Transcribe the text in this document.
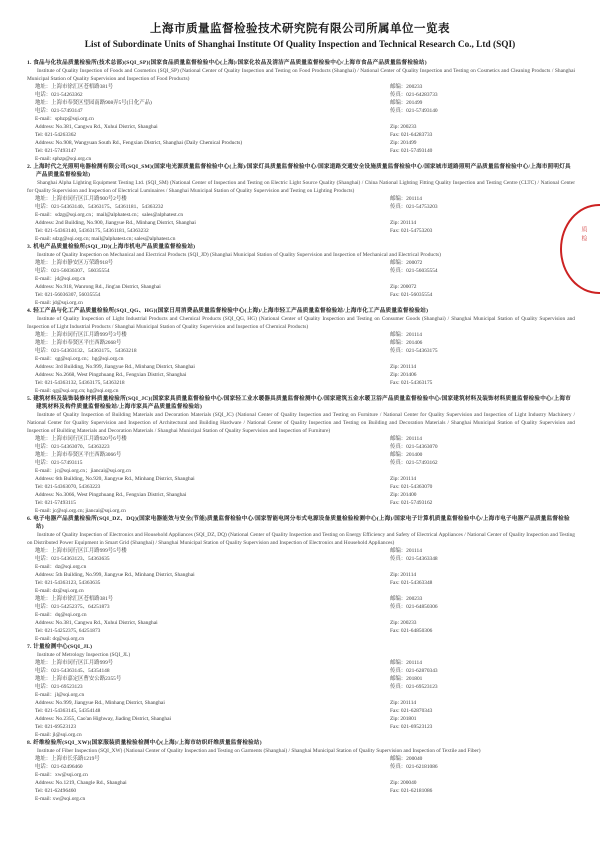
上海市质量监督检验技术研究院有限公司所属单位一览表
List of Subordinate Units of Shanghai Institute Of Quality Inspection and Technical Research Co., Ltd (SQI)
1. 食品与化妆品质量检验所(技术总部)(SQI_SP)(国家食品质量监督检验中心(上海)/国家化妆品及清洁产品质量监督检验中心/上海市食品产品质量监督检验站)
Institute of Quality Inspection of Foods and Cosmetics (SQI_SP) (National Center of Quality Inspection and Testing on Food Products (Shanghai) / National Center of Quality Inspection and Testing on Cosmetics and Cleaning Products / Shanghai Municipal Station of Quality Supervision and Inspection of Food Products)
地址：上海市徐汇区苍梧路381号	邮编：200233
电话：021-54263362	传真：021-64283733
地址：上海市奉贤区望园南路908弄5号(日化产品)	邮编：201499
电话：021-57493147	传真：021-57493140
E-mail：sphzp@sqi.org.cn
Address: No.381, Cangwu Rd., Xuhui District, Shanghai	Zip: 200233
Tel: 021-54263362	Fax: 021-64283733
Address: No.908, Wangyuan South Rd., Fengxian District, Shanghai (Daily Chemical Products)	Zip: 201499
Tel: 021-57493147	Fax: 021-57493140
E-mail: sphzp@sqi.org.cn
2. 上海时代之光照明电器检测有限公司(SQI_SM)(国家电光源质量监督检验中心(上海)/国家灯具质量监督检验中心/国家道路交通安全设施质量监督检验中心/国家城市道路照明产品质量监督检验中心/上海市照明灯具产品质量监督检验站)
Shanghai Alpha Lighting Equipment Testing Ltd. (SQI_SM) (National Center of Inspection and Testing on Electric Light Source Quality (Shanghai) / China National Lighting Fitting Quality Inspection and Testing Centre (CLTC) / National Center for Quality Supervision and Inspection of Electrical Luminaires / Shanghai Municipal Station of Quality Supervision and Testing on Lighting Products)
地址：上海市闵行区江月路900号2号楼	邮编：201114
电话：021-54363140、54363175、54361181、54363232	传真：021-54753203
E-mail：sdzg@sqi.org.cn；mail@alphatest.cn；sales@alphatest.cn
Address: 2nd Building, No.900, Jiangyue Rd., Minhang District, Shanghai	Zip: 201114
Tel: 021-54363140, 54363175, 54361181, 54363232	Fax: 021-54753203
E-mail: sdzg@sqi.org.cn; mail@alphatest.cn; sales@alphatest.cn
3. 机电产品质量检验所(SQI_JD)(上海市机电产品质量监督检验站)
Institute of Quality Inspection on Mechanical and Electrical Products (SQI_JD) (Shanghai Municipal Station of Quality Supervision and Inspection of Mechanical and Electrical Products)
地址：上海市静安区万荣路918号	邮编：200072
电话：021-56036307、56035554	传真：021-56035554
E-mail：jd@sqi.org.cn
Address: No.918, Wanrong Rd., Jing'an District, Shanghai	Zip: 200072
Tel: 021-56036307, 56035554	Fax: 021-56035554
E-mail: jd@sqi.org.cn
4. 轻工产品与化工产品质量检验所(SQI_QG、HG)(国家日用消费品质量监督检验中心(上海)/上海市轻工产品质量监督检验站/上海市化工产品质量监督检验站)
Institute of Quality Inspection of Light Industrial Products and Chemical Products (SQI_QG, HG) (National Center of Quality Inspection and Testing on Consumer Goods (Shanghai) / Shanghai Municipal Station of Quality Supervision and Inspection of Light Industrial Products / Shanghai Municipal Station of Quality Supervision and Inspection of Chemical Products)
地址：上海市闵行区江月路999号3号楼	邮编：201114
地址：上海市奉贤区平庄西路2668号	邮编：201406
电话：021-54363132、54363175、54363218	传真：021-54363175
E-mail：qg@sqi.org.cn；hg@sqi.org.cn
Address: 3rd Building, No.999, Jiangyue Rd., Minhang District, Shanghai	Zip: 201114
Address: No.2668, West Pingzhuang Rd., Fengxian District, Shanghai	Zip: 201406
Tel: 021-54363132, 54363175, 54363218	Fax: 021-54363175
E-mail: qg@sqi.org.cn; hg@sqi.org.cn
5. 建筑材料及装饰装修材料质量检验所(SQI_JC)(国家家具质量监督检验中心/国家轻工业水暖器具质量监督检测中心/国家建筑五金水暖卫浴产品质量监督检验中心/国家建筑材料及装饰材料质量监督检验中心/上海市建筑材料及构件质量监督检验站/上海市家具产品质量监督检验站)
Institute of Quality Inspection of Building Materials and Decoration Materials (SQI_JC) (National Center of Quality Inspection and Testing on Furniture / National Center for Quality Supervision and Inspection of Light Industry Machinery / National Center for Quality Supervision and Inspection of Architectural and Building Hardware / National Center of Quality Inspection and Testing on Building and Decoration Materials / Shanghai Municipal Station of Quality Supervision and Inspection of Building Materials and Decoration Materials / Shanghai Municipal Station of Quality Supervision and Inspection of Furniture)
地址：上海市闵行区江月路920号6号楼	邮编：201114
电话：021-54363070、54363223	传真：021-54363070
地址：上海市奉贤区平庄西路3066号	邮编：201400
电话：021-57493115	传真：021-57493162
E-mail：jc@sqi.org.cn；jiancai@sqi.org.cn
Address: 6th Building, No.920, Jiangyue Rd., Minhang District, Shanghai	Zip: 201114
Tel: 021-54363070, 54363223	Fax: 021-54363070
Address: No.3066, West Pingzhuang Rd., Fengxian District, Shanghai	Zip: 201400
Tel: 021-57493115	Fax: 021-57493162
E-mail: jc@sqi.org.cn; jiancai@sqi.org.cn
6. 电子电器产品质量检验所(SQI_DZ、DQ)(国家电器能效与安全(节能)质量监督检验中心/国家智能电网分布式电源设备质量检验检测中心(上海)/国家电子计算机质量监督检验中心/上海市电子电器产品质量监督检验站)
Institute of Quality Inspection of Electronics and Household Appliances (SQI_DZ, DQ) (National Center of Quality Inspection and Testing on Energy Efficiency and Safety of Electrical Appliances / National Center of Quality Inspection and Testing on Distributed Power Equipment in Smart Grid (Shanghai) / Shanghai Municipal Station of Quality Supervision and Inspection of Electronics and Household Appliances)
地址：上海市闵行区江月路999号5号楼	邮编：201114
电话：021-54363123、54363635	传真：021-54363348
E-mail：dz@sqi.org.cn
Address: 5th Building, No.999, Jiangyue Rd., Minhang District, Shanghai	Zip: 201114
Tel: 021-54363123, 54363635	Fax: 021-54363348
E-mail: dz@sqi.org.cn
地址：上海市徐汇区苍梧路381号	邮编：200233
电话：021-54252375、64251873	传真：021-64850306
E-mail：dq@sqi.org.cn
Address: No.381, Cangwu Rd., Xuhui District, Shanghai	Zip: 200233
Tel: 021-54252375, 64251873	Fax: 021-64850306
E-mail: dq@sqi.org.cn
7. 计量检测中心(SQI_JL)
Institute of Metrology Inspection (SQI_JL)
地址：上海市闵行区江月路999号	邮编：201114
电话：021-54363145、54354148	传真：021-62870343
地址：上海市嘉定区曹安公路2355号	邮编：201801
电话：021-69523123	传真：021-69523123
E-mail：jl@sqi.org.cn
Address: No.999, Jiangyue Rd., Minhang District, Shanghai	Zip: 201114
Tel: 021-54363145, 54354148	Fax: 021-62870343
Address: No.2355, Cao'an Highway, Jiading District, Shanghai	Zip: 201801
Tel: 021-69523123	Fax: 021-69523123
E-mail: jl@sqi.org.cn
8. 纤维检验所(SQI_XW)(国家服装质量检验检测中心(上海)/上海市纺织纤维质量监督检验站)
Institute of Fiber Inspection (SQI_XW) (National Center of Quality Inspection and Testing on Garments (Shanghai) / Shanghai Municipal Station of Quality Supervision and Inspection of Textile and Fiber)
地址：上海市长乐路1219号	邮编：200040
电话：021-62496460	传真：021-62181086
E-mail：xw@sqi.org.cn
Address: No.1219, Changle Rd., Shanghai	Zip: 200040
Tel: 021-62496460	Fax: 021-62181086
E-mail: xw@sqi.org.cn
质检
